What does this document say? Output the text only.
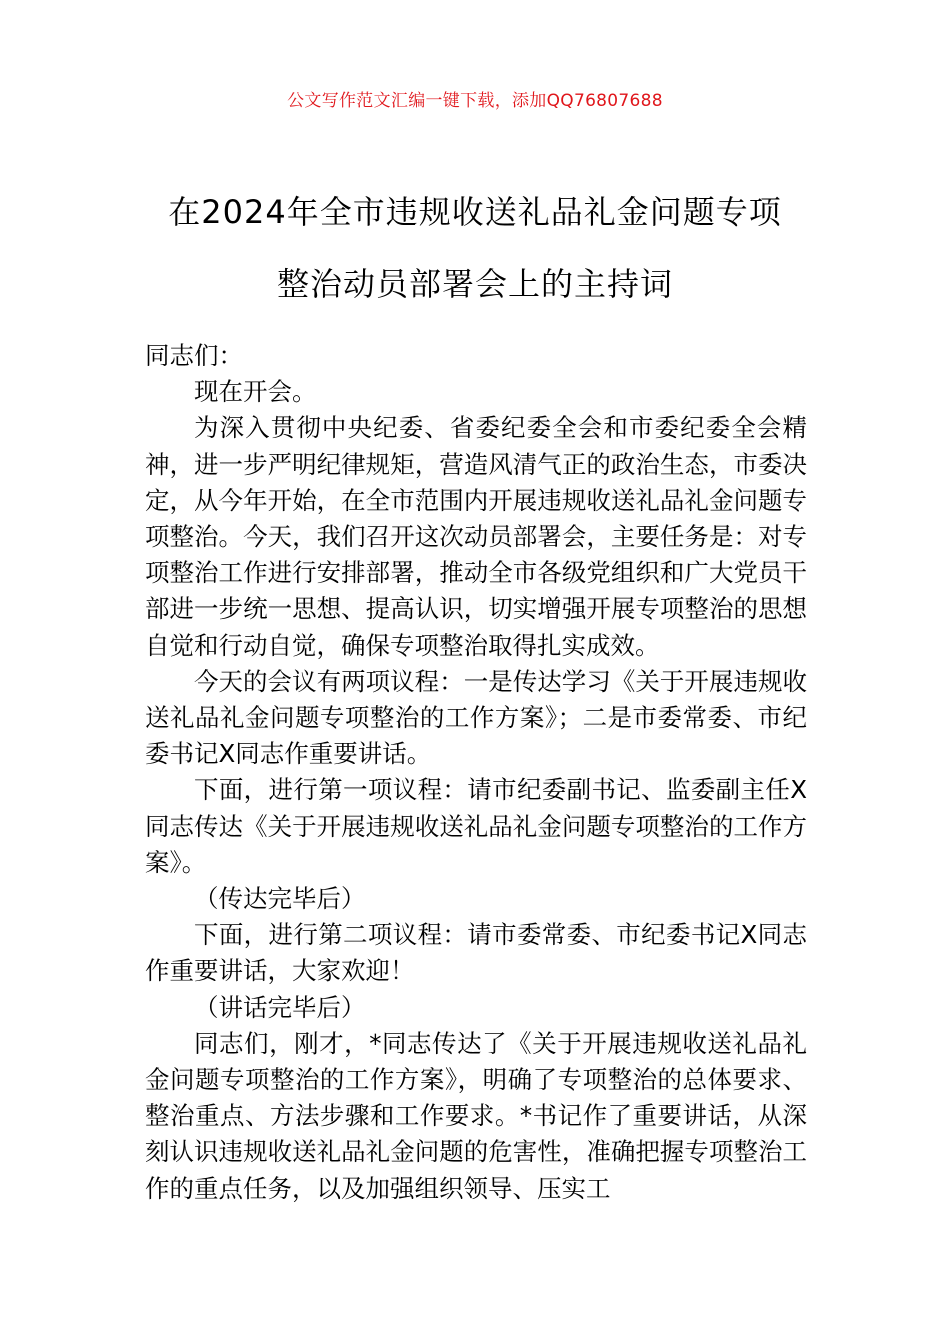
公文写作范文汇编一键下载，添加QQ76807688
在2024年全市违规收送礼品礼金问题专项
整治动员部署会上的主持词

同志们：

现在开会。

为深入贯彻中央纪委、省委纪委全会和市委纪委全会精神，进一步严明纪律规矩，营造风清气正的政治生态，市委决定，从今年开始，在全市范围内开展违规收送礼品礼金问题专项整治。今天，我们召开这次动员部署会，主要任务是：对专项整治工作进行安排部署，推动全市各级党组织和广大党员干部进一步统一思想、提高认识，切实增强开展专项整治的思想自觉和行动自觉，确保专项整治取得扎实成效。

今天的会议有两项议程：一是传达学习《关于开展违规收送礼品礼金问题专项整治的工作方案》；二是市委常委、市纪委书记X同志作重要讲话。

下面，进行第一项议程：请市纪委副书记、监委副主任X同志传达《关于开展违规收送礼品礼金问题专项整治的工作方案》。

（传达完毕后）

下面，进行第二项议程：请市委常委、市纪委书记X同志作重要讲话，大家欢迎！

（讲话完毕后）

同志们，刚才，*同志传达了《关于开展违规收送礼品礼金问题专项整治的工作方案》，明确了专项整治的总体要求、整治重点、方法步骤和工作要求。*书记作了重要讲话，从深刻认识违规收送礼品礼金问题的危害性，准确把握专项整治工作的重点任务，以及加强组织领导、压实工
